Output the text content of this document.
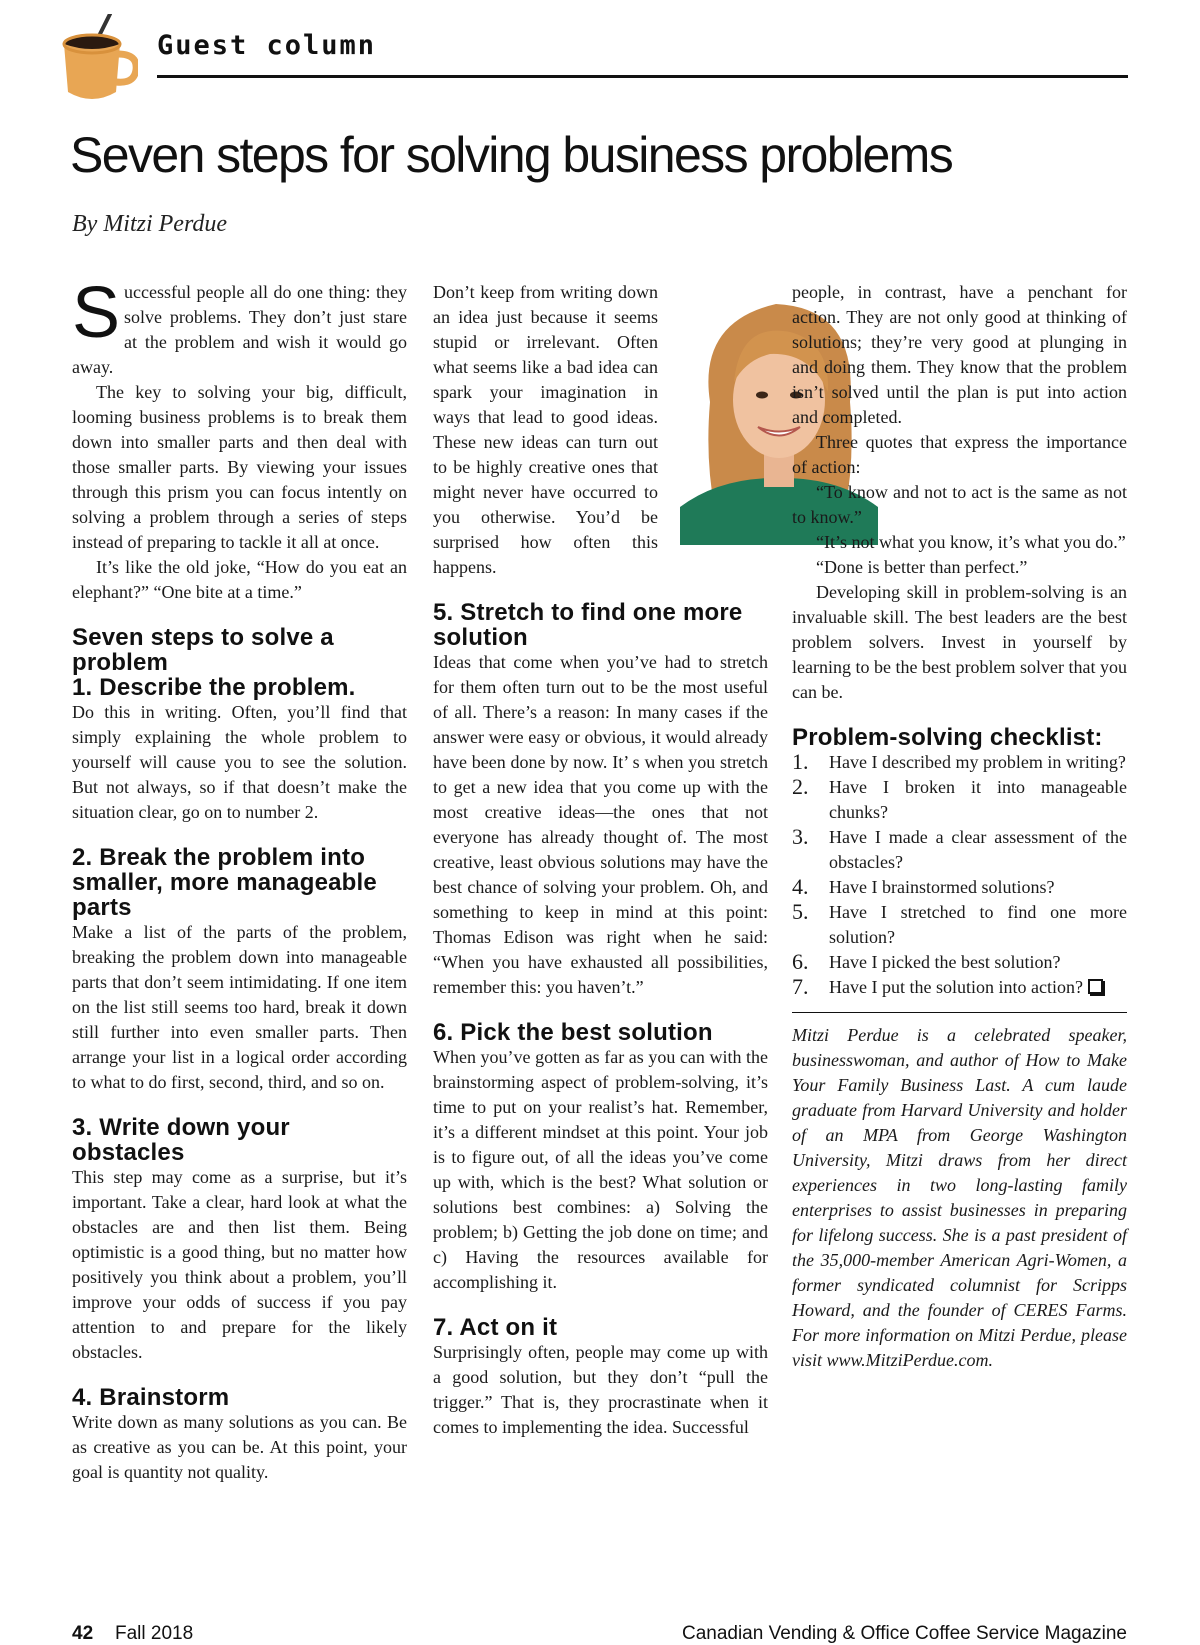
Guest column
Seven steps for solving business problems
By Mitzi Perdue

Successful people all do one thing: they solve problems. They don’t just stare at the problem and wish it would go away.

The key to solving your big, difficult, looming business problems is to break them down into smaller parts and then deal with those smaller parts. By viewing your issues through this prism you can focus intently on solving a problem through a series of steps instead of preparing to tackle it all at once.

It’s like the old joke, “How do you eat an elephant?” “One bite at a time.”

Seven steps to solve a problem
1. Describe the problem.

Do this in writing. Often, you’ll find that simply explaining the whole problem to yourself will cause you to see the solution. But not always, so if that doesn’t make the situation clear, go on to number 2.

2. Break the problem into smaller, more manageable parts

Make a list of the parts of the problem, breaking the problem down into manageable parts that don’t seem intimidating. If one item on the list still seems too hard, break it down still further into even smaller parts. Then arrange your list in a logical order according to what to do first, second, third, and so on.

3. Write down your obstacles

This step may come as a surprise, but it’s important. Take a clear, hard look at what the obstacles are and then list them. Being optimistic is a good thing, but no matter how positively you think about a problem, you’ll improve your odds of success if you pay attention to and prepare for the likely obstacles.

4. Brainstorm

Write down as many solutions as you can. Be as creative as you can be. At this point, your goal is quantity not quality.

Don’t keep from writing down an idea just because it seems stupid or irrelevant. Often what seems like a bad idea can spark your imagination in ways that lead to good ideas. These new ideas can turn out to be highly creative ones that might never have occurred to you otherwise. You’d be surprised how often this happens.

5. Stretch to find one more solution

Ideas that come when you’ve had to stretch for them often turn out to be the most useful of all. There’s a reason: In many cases if the answer were easy or obvious, it would already have been done by now. It’ s when you stretch to get a new idea that you come up with the most creative ideas—the ones that not everyone has already thought of. The most creative, least obvious solutions may have the best chance of solving your problem. Oh, and something to keep in mind at this point: Thomas Edison was right when he said: “When you have exhausted all possibilities, remember this: you haven’t.”

6. Pick the best solution

When you’ve gotten as far as you can with the brainstorming aspect of problem-solving, it’s time to put on your realist’s hat. Remember, it’s a different mindset at this point. Your job is to figure out, of all the ideas you’ve come up with, which is the best? What solution or solutions best combines: a) Solving the problem; b) Getting the job done on time; and c) Having the resources available for accomplishing it.

7. Act on it

Surprisingly often, people may come up with a good solution, but they don’t “pull the trigger.” That is, they procrastinate when it comes to implementing the idea. Successful

people, in contrast, have a penchant for action. They are not only good at thinking of solutions; they’re very good at plunging in and doing them. They know that the problem isn’t solved until the plan is put into action and completed.

Three quotes that express the importance of action:

“To know and not to act is the same as not to know.”

“It’s not what you know, it’s what you do.”

“Done is better than perfect.”

Developing skill in problem-solving is an invaluable skill. The best leaders are the best problem solvers. Invest in yourself by learning to be the best problem solver that you can be.

Problem-solving checklist:
1. Have I described my problem in writing?
2. Have I broken it into manageable chunks?
3. Have I made a clear assessment of the obstacles?
4. Have I brainstormed solutions?
5. Have I stretched to find one more solution?
6. Have I picked the best solution?
7. Have I put the solution into action?

Mitzi Perdue is a celebrated speaker, businesswoman, and author of How to Make Your Family Business Last. A cum laude graduate from Harvard University and holder of an MPA from George Washington University, Mitzi draws from her direct experiences in two long-lasting family enterprises to assist businesses in preparing for lifelong success. She is a past president of the 35,000-member American Agri-Women, a former syndicated columnist for Scripps Howard, and the founder of CERES Farms. For more information on Mitzi Perdue, please visit www.MitziPerdue.com.

42 Fall 2018	Canadian Vending & Office Coffee Service Magazine
